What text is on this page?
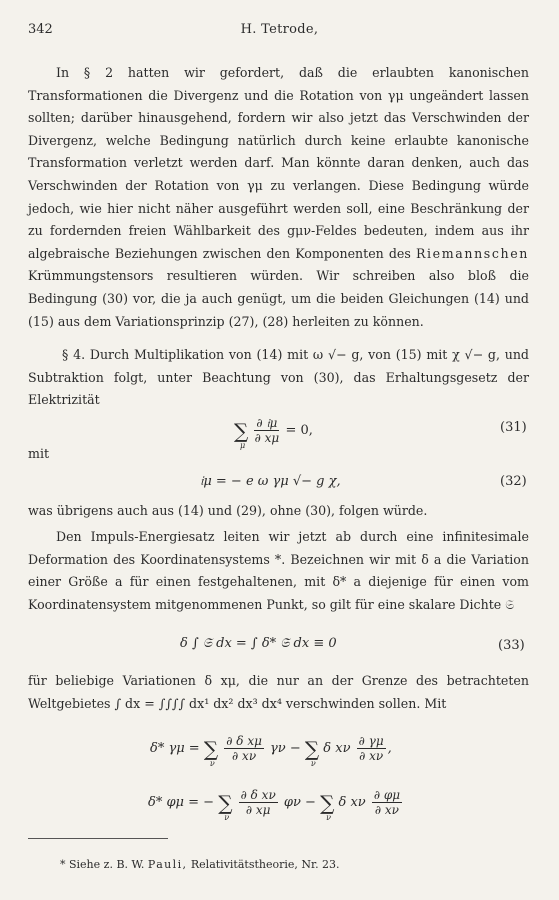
342	H. Tetrode,

In § 2 hatten wir gefordert, daß die erlaubten kanonischen Transformationen die Divergenz und die Rotation von γμ ungeändert lassen sollten; darüber hinausgehend, fordern wir also jetzt das Verschwinden der Divergenz, welche Bedingung natürlich durch keine erlaubte kanonische Transformation verletzt werden darf. Man könnte daran denken, auch das Verschwinden der Rotation von γμ zu verlangen. Diese Bedingung würde jedoch, wie hier nicht näher ausgeführt werden soll, eine Beschränkung der zu fordernden freien Wählbarkeit des gμν-Feldes bedeuten, indem aus ihr algebraische Beziehungen zwischen den Komponenten des Riemannschen Krümmungstensors resultieren würden. Wir schreiben also bloß die Bedingung (30) vor, die ja auch genügt, um die beiden Gleichungen (14) und (15) aus dem Variationsprinzip (27), (28) herleiten zu können.

§ 4. Durch Multiplikation von (14) mit ω √− g, von (15) mit χ √− g, und Subtraktion folgt, unter Beachtung von (30), das Erhaltungsgesetz der Elektrizität

∑
μ
$\frac{\text{∂ 𝔦μ}}{\partial x\mu} = 0$,	(31)
mit
𝔦μ = − e ω γμ √− g χ,	(32)

was übrigens auch aus (14) und (29), ohne (30), folgen würde.

Den Impuls-Energiesatz leiten wir jetzt ab durch eine infinitesimale Deformation des Koordinatensystems *. Bezeichnen wir mit δ a die Variation einer Größe a für einen festgehaltenen, mit δ* a diejenige für einen vom Koordinatensystem mitgenommenen Punkt, so gilt für eine skalare Dichte 𝔖

δ ∫ 𝔖 dx = ∫ δ* 𝔖 dx ≡ 0	(33)

für beliebige Variationen δ xμ, die nur an der Grenze des betrachteten Weltgebietes ∫ dx = ∫∫∫∫ dx¹ dx² dx³ dx⁴ verschwinden sollen. Mit

δ* γμ = ∑
ν
$\frac{\text{∂ δ xμ}}{\partial x\nu}$ γν − ∑
ν
δ xν $\frac{\partial \gamma\mu}{\partial x\nu}$ ,
δ* φμ = − ∑
ν
$\frac{\text{∂ δ xν}}{\partial x\mu}$ φν − ∑
ν
δ xν $\frac{\partial \varphi\mu}{\partial x\nu}$
* Siehe z. B. W. Pauli, Relativitätstheorie, Nr. 23.
